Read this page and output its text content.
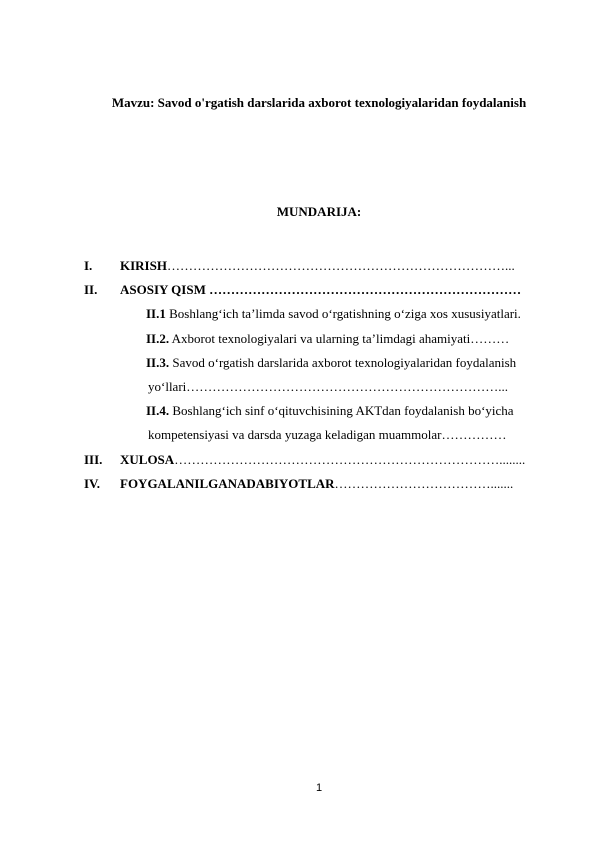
Mavzu: Savod o'rgatish darslarida axborot texnologiyalaridan foydalanish
MUNDARIJA:
I. KIRISH……………………………………………………………………...
II. ASOSIY QISM ………………………………………………………………
II.1 Boshlang‘ich ta’limda savod o‘rgatishning o‘ziga xos xususiyatlari.
II.2. Axborot texnologiyalari va ularning ta’limdagi ahamiyati………
II.3. Savod o‘rgatish darslarida axborot texnologiyalaridan foydalanish
yo‘llari………………………………………………………………...
II.4. Boshlang‘ich sinf o‘qituvchisining AKTdan foydalanish bo‘yicha
kompetensiyasi va darsda yuzaga keladigan muammolar……………
III. XULOSA…………………………………………………………………........
IV. FOYGALANILGANADABIYOTLAR……………………………….......
1
